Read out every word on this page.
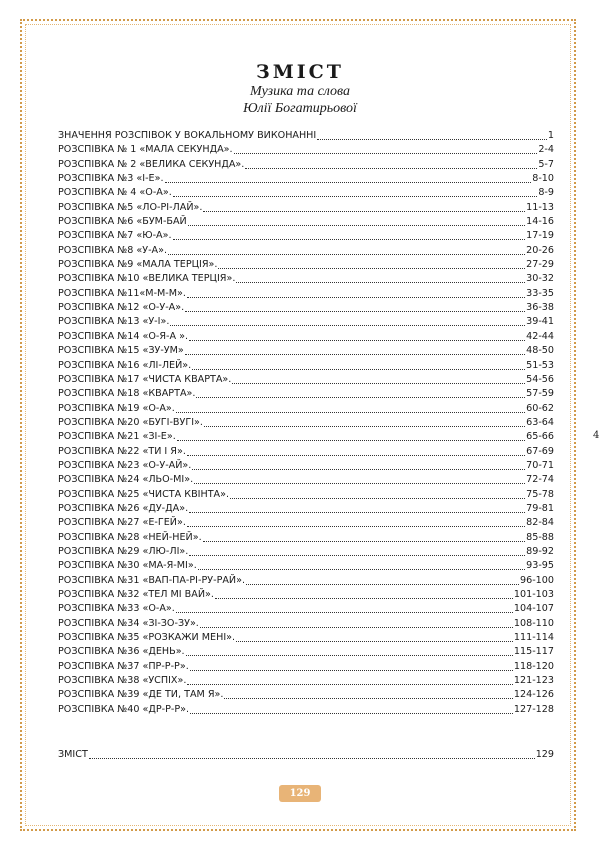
ЗМІСТ
Музика та слова
Юлії Богатирьової
ЗНАЧЕННЯ РОЗСПІВОК У ВОКАЛЬНОМУ ВИКОНАННІ	1
РОЗСПІВКА № 1 «МАЛА СЕКУНДА».	2-4
РОЗСПІВКА № 2 «ВЕЛИКА СЕКУНДА».	5-7
РОЗСПІВКА №3 «І-Е».	8-10
РОЗСПІВКА № 4 «О-А».	8-9
РОЗСПІВКА №5 «ЛО-РІ-ЛАЙ».	11-13
РОЗСПІВКА №6 «БУМ-БАЙ	14-16
РОЗСПІВКА №7 «Ю-А».	17-19
РОЗСПІВКА №8 «У-А».	20-26
РОЗСПІВКА №9 «МАЛА ТЕРЦІЯ».	27-29
РОЗСПІВКА №10 «ВЕЛИКА ТЕРЦІЯ».	30-32
РОЗСПІВКА №11«М-М-М».	33-35
РОЗСПІВКА №12 «О-У-А».	36-38
РОЗСПІВКА №13 «У-І».	39-41
РОЗСПІВКА №14 «О-Я-А ».	42-44
РОЗСПІВКА №15 «ЗУ-УМ»	48-50
РОЗСПІВКА №16 «ЛІ-ЛЕЙ».	51-53
РОЗСПІВКА №17 «ЧИСТА КВАРТА».	54-56
РОЗСПІВКА №18 «КВАРТА».	57-59
РОЗСПІВКА №19 «О-А».	60-62
РОЗСПІВКА №20 «БУГІ-ВУГІ».	63-64
РОЗСПІВКА №21 «ЗІ-Е».	65-66
РОЗСПІВКА №22 «ТИ І Я».	67-69
РОЗСПІВКА №23 «О-У-АЙ».	70-71
РОЗСПІВКА №24 «ЛЬО-МІ».	72-74
РОЗСПІВКА №25 «ЧИСТА КВІНТА».	75-78
РОЗСПІВКА №26 «ДУ-ДА».	79-81
РОЗСПІВКА №27 «Е-ГЕЙ».	82-84
РОЗСПІВКА №28 «НЕЙ-НЕЙ».	85-88
РОЗСПІВКА №29 «ЛЮ-ЛІ».	89-92
РОЗСПІВКА №30 «МА-Я-МІ».	93-95
РОЗСПІВКА №31 «ВАП-ПА-РІ-РУ-РАЙ».	96-100
РОЗСПІВКА №32 «ТЕЛ МІ ВАЙ».	101-103
РОЗСПІВКА №33 «О-А».	104-107
РОЗСПІВКА №34 «ЗІ-ЗО-ЗУ».	108-110
РОЗСПІВКА №35 «РОЗКАЖИ МЕНІ».	111-114
РОЗСПІВКА №36 «ДЕНЬ».	115-117
РОЗСПІВКА №37 «ПР-Р-Р».	118-120
РОЗСПІВКА №38 «УСПІХ».	121-123
РОЗСПІВКА №39 «ДЕ ТИ, ТАМ Я».	124-126
РОЗСПІВКА №40 «ДР-Р-Р».	127-128
ЗМІСТ	129
4
129
